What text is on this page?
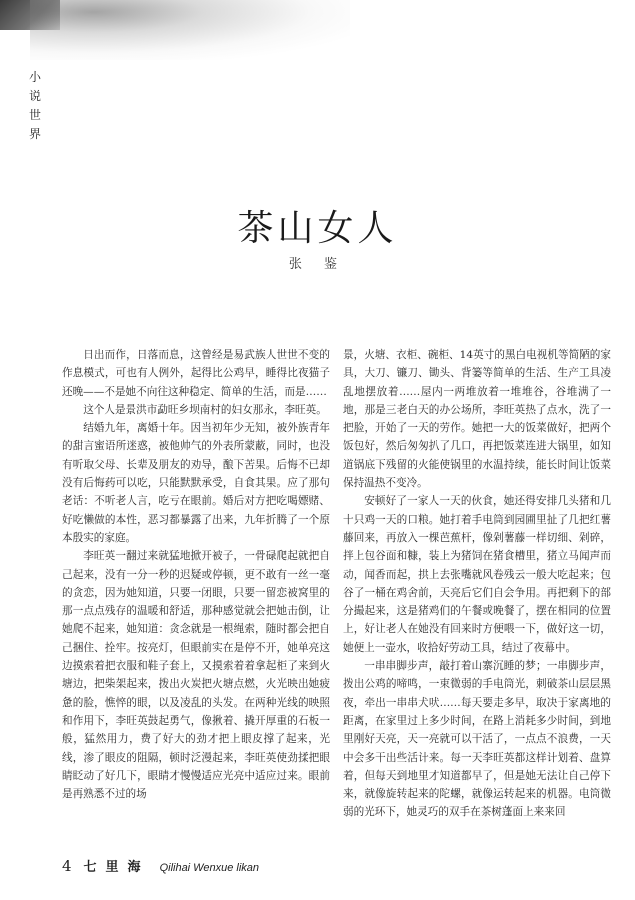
小
说
世
界
茶山女人
张 鉴

日出而作，日落而息，这曾经是易武族人世世不变的作息模式，可也有人例外，起得比公鸡早，睡得比夜猫子还晚——不是她不向往这种稳定、简单的生活，而是……

这个人是景洪市勐旺乡坝南村的妇女那永，李旺英。

结婚九年，离婚十年。因当初年少无知，被外族青年的甜言蜜语所迷惑，被他帅气的外表所蒙蔽，同时，也没有听取父母、长辈及朋友的劝导，酿下苦果。后悔不已却没有后悔药可以吃，只能默默承受，自食其果。应了那句老话：不听老人言，吃亏在眼前。婚后对方把吃喝嫖赌、好吃懒做的本性，恶习都暴露了出来，九年折腾了一个原本殷实的家庭。

李旺英一翻过来就猛地掀开被子，一骨碌爬起就把自己起来，没有一分一秒的迟疑或停顿，更不敢有一丝一毫的贪恋，因为她知道，只要一闭眼，只要一留恋被窝里的那一点点残存的温暖和舒适，那种感觉就会把她击倒，让她爬不起来，她知道：贪念就是一根绳索，随时都会把自己捆住、拴牢。按亮灯，但眼前实在是停不开，她单亮这边摸索着把衣服和鞋子套上，又摸索着着拿起柜了来到火塘边，把柴架起来，拨出火炭把火塘点燃，火光映出她疲惫的脸，憔悴的眼，以及凌乱的头发。在两种光线的映照和作用下，李旺英鼓起勇气，像揪着、撬开厚重的石板一般，猛然用力，费了好大的劲才把上眼皮撑了起来，光线，渗了眼皮的阻隔，顿时泛漫起来，李旺英使劲揉把眼睛眨动了好几下，眼睛才慢慢适应光亮中适应过来。眼前是再熟悉不过的场

景，火塘、衣柜、碗柜、14英寸的黑白电视机等简陋的家具，大刀、镰刀、锄头、背篓等简单的生活、生产工具凌乱地摆放着……屋内一两堆放着一堆堆谷，谷堆满了一地，那是三老白天的办公场所，李旺英热了点水，洗了一把脸，开始了一天的劳作。她把一大的饭菜做好，把两个饭包好，然后匆匆扒了几口，再把饭菜连进大锅里，如知道锅底下残留的火能使锅里的水温持续，能长时间让饭菜保持温热不变冷。

安顿好了一家人一天的伙食，她还得安排几头猪和几十只鸡一天的口粮。她打着手电筒到园圃里扯了几把红薯藤回来，再放入一棵芭蕉杆，像剁薯藤一样切细、剁碎，拌上包谷面和糠，装上为猪饲在猪食槽里，猪立马闻声而动，闻香而起，拱上去张嘴就风卷残云一般大吃起来；包谷了一桶在鸡舍前，天亮后它们自会争用。再把剩下的部分撮起来，这是猪鸡们的午餐或晚餐了，摆在相同的位置上，好让老人在她没有回来时方便喂一下，做好这一切，她便上一壶水，收拾好劳动工具，结过了夜幕中。

一串串脚步声，敲打着山寨沉睡的梦；一串脚步声，拨出公鸡的啼鸣，一束微弱的手电筒光，刺破茶山层层黑夜，牵出一串串犬吠……每天要走多早，取决于家离地的距离，在家里过上多少时间，在路上消耗多少时间，到地里刚好天亮，天一亮就可以干活了，一点点不浪费，一天中会多干出些活计来。每一天李旺英都这样计划着、盘算着，但每天到地里才知道都早了，但是她无法让自己停下来，就像旋转起来的陀螺，就像运转起来的机器。电筒微弱的光环下，她灵巧的双手在茶树蓬面上来来回

4 七里海 Qilihai Wenxue likan
